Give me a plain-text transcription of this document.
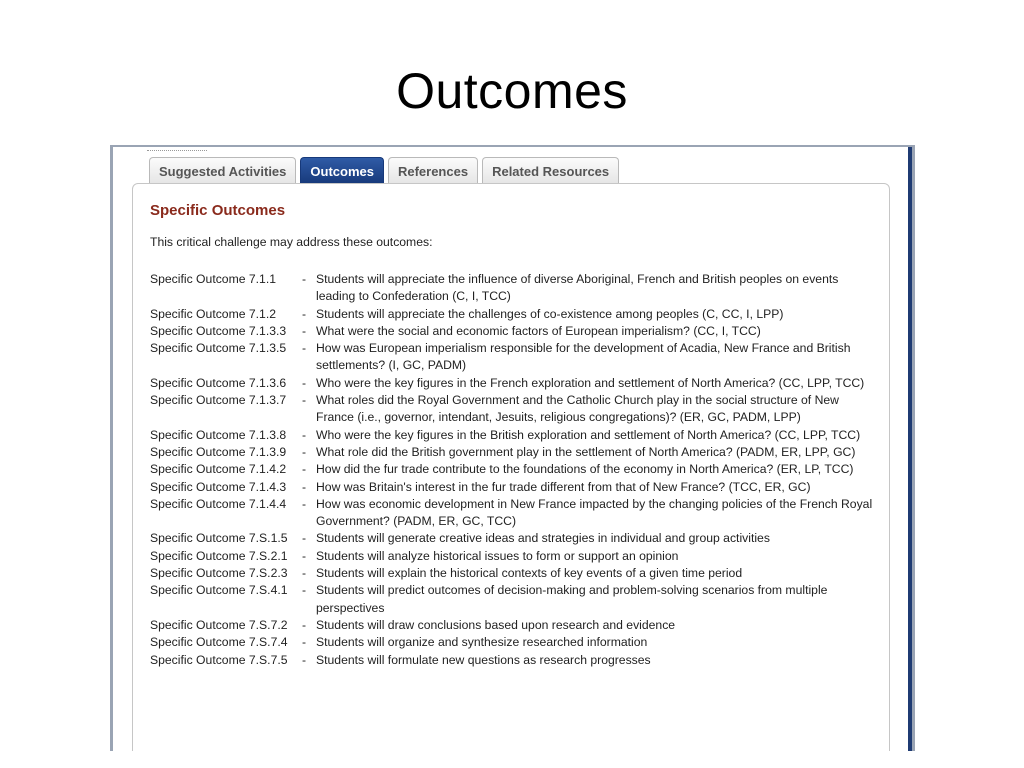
Outcomes
Suggested Activities	Outcomes	References	Related Resources
Specific Outcomes
This critical challenge may address these outcomes:
Specific Outcome 7.1.1	- Students will appreciate the influence of diverse Aboriginal, French and British peoples on events leading to Confederation (C, I, TCC)
Specific Outcome 7.1.2	- Students will appreciate the challenges of co-existence among peoples (C, CC, I, LPP)
Specific Outcome 7.1.3.3	- What were the social and economic factors of European imperialism? (CC, I, TCC)
Specific Outcome 7.1.3.5	- How was European imperialism responsible for the development of Acadia, New France and British settlements? (I, GC, PADM)
Specific Outcome 7.1.3.6	- Who were the key figures in the French exploration and settlement of North America? (CC, LPP, TCC)
Specific Outcome 7.1.3.7	- What roles did the Royal Government and the Catholic Church play in the social structure of New France (i.e., governor, intendant, Jesuits, religious congregations)? (ER, GC, PADM, LPP)
Specific Outcome 7.1.3.8	- Who were the key figures in the British exploration and settlement of North America? (CC, LPP, TCC)
Specific Outcome 7.1.3.9	- What role did the British government play in the settlement of North America? (PADM, ER, LPP, GC)
Specific Outcome 7.1.4.2	- How did the fur trade contribute to the foundations of the economy in North America? (ER, LP, TCC)
Specific Outcome 7.1.4.3	- How was Britain's interest in the fur trade different from that of New France? (TCC, ER, GC)
Specific Outcome 7.1.4.4	- How was economic development in New France impacted by the changing policies of the French Royal Government? (PADM, ER, GC, TCC)
Specific Outcome 7.S.1.5	- Students will generate creative ideas and strategies in individual and group activities
Specific Outcome 7.S.2.1	- Students will analyze historical issues to form or support an opinion
Specific Outcome 7.S.2.3	- Students will explain the historical contexts of key events of a given time period
Specific Outcome 7.S.4.1	- Students will predict outcomes of decision-making and problem-solving scenarios from multiple perspectives
Specific Outcome 7.S.7.2	- Students will draw conclusions based upon research and evidence
Specific Outcome 7.S.7.4	- Students will organize and synthesize researched information
Specific Outcome 7.S.7.5	- Students will formulate new questions as research progresses
